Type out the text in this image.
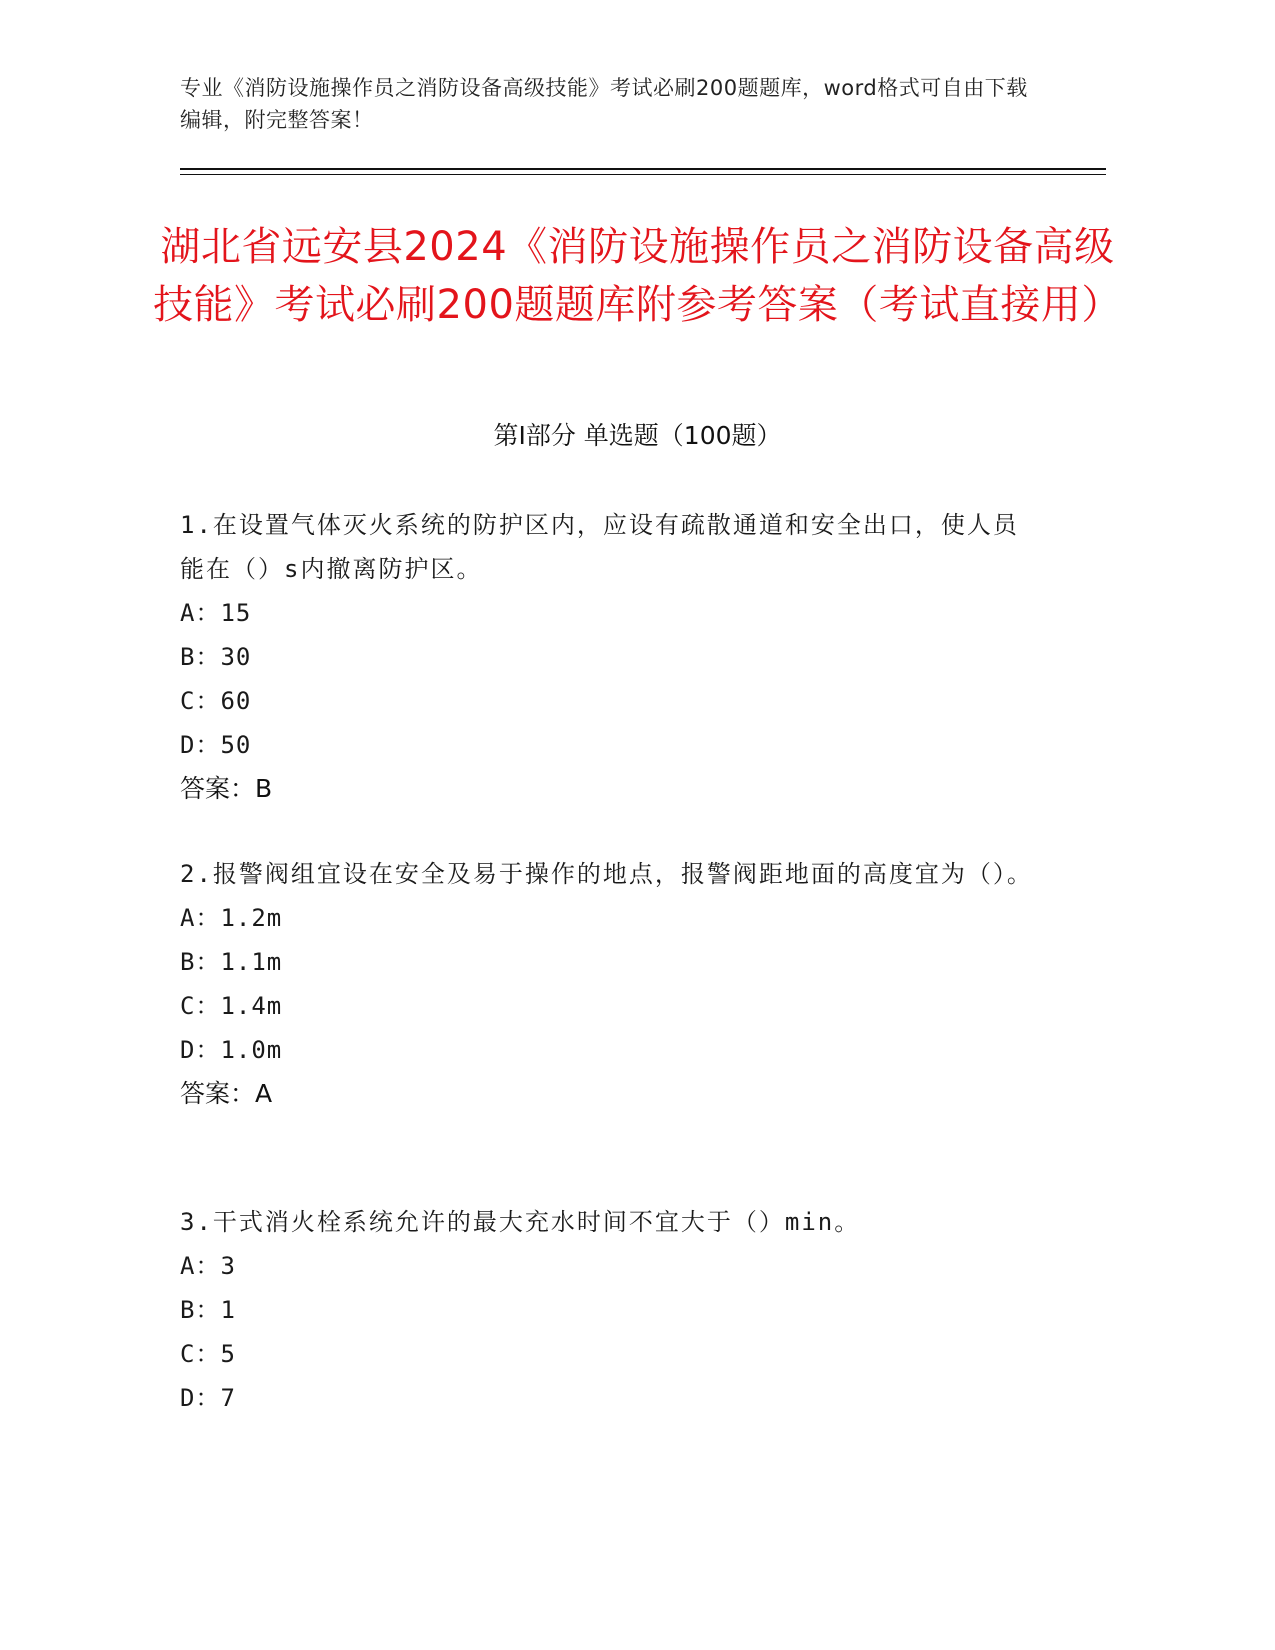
专业《消防设施操作员之消防设备高级技能》考试必刷200题题库，word格式可自由下载编辑，附完整答案！
湖北省远安县2024《消防设施操作员之消防设备高级技能》考试必刷200题题库附参考答案（考试直接用）
第Ⅰ部分 单选题（100题）
1.在设置气体灭火系统的防护区内，应设有疏散通道和安全出口，使人员能在（）s内撤离防护区。
A：15
B：30
C：60
D：50
答案：B
2.报警阀组宜设在安全及易于操作的地点，报警阀距地面的高度宜为（）。
A：1.2m
B：1.1m
C：1.4m
D：1.0m
答案：A
3.干式消火栓系统允许的最大充水时间不宜大于（）min。
A：3
B：1
C：5
D：7
